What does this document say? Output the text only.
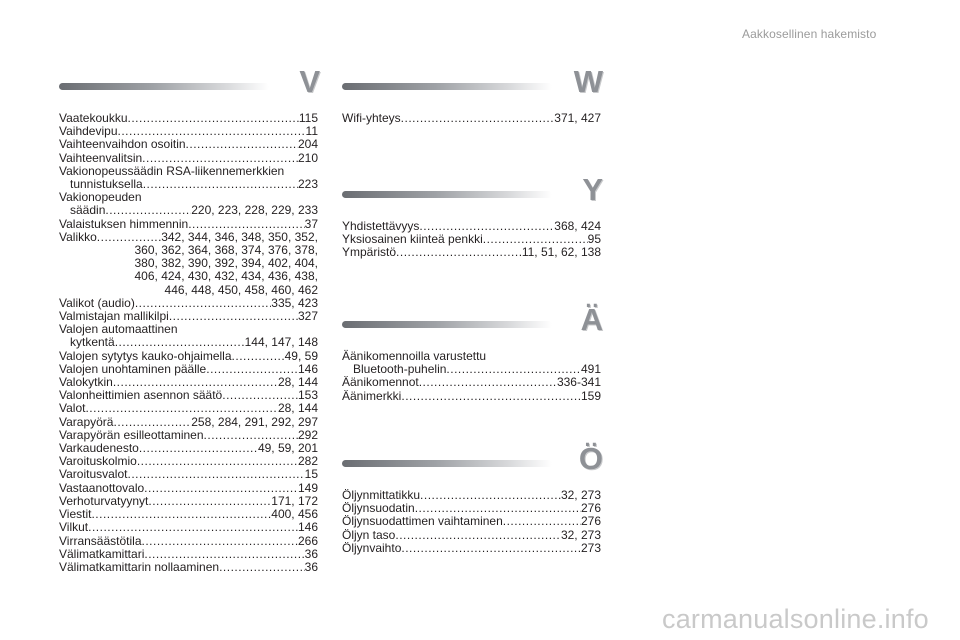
Aakkosellinen hakemisto
V
Vaatekoukku .....	115
Vaihdevipu .....	11
Vaihteenvaihdon osoitin .....	204
Vaihteenvalitsin .....	210
Vakionopeussäädin RSA-liikennemerkkien
tunnistuksella .....	223
Vakionopeuden
säädin .....	220, 223, 228, 229, 233
Valaistuksen himmennin .....	37
Valikko .....	342, 344, 346, 348, 350, 352,
360, 362, 364, 368, 374, 376, 378,
380, 382, 390, 392, 394, 402, 404,
406, 424, 430, 432, 434, 436, 438,
446, 448, 450, 458, 460, 462
Valikot (audio) .....	335, 423
Valmistajan mallikilpi .....	327
Valojen automaattinen
kytkentä .....	144, 147, 148
Valojen sytytys kauko-ohjaimella .....	49, 59
Valojen unohtaminen päälle .....	146
Valokytkin .....	28, 144
Valonheittimien asennon säätö .....	153
Valot .....	28, 144
Varapyörä .....	258, 284, 291, 292, 297
Varapyörän esilleottaminen .....	292
Varkaudenesto .....	49, 59, 201
Varoituskolmio .....	282
Varoitusvalot .....	15
Vastaanottovalo .....	149
Verhoturvatyynyt .....	171, 172
Viestit .....	400, 456
Vilkut .....	146
Virransäästötila .....	266
Välimatkamittari .....	36
Välimatkamittarin nollaaminen .....	36
W
Wifi-yhteys .....	371, 427
Y
Yhdistettävyys .....	368, 424
Yksiosainen kiinteä penkki .....	95
Ympäristö .....	11, 51, 62, 138
Ä
Äänikomennoilla varustettu
Bluetooth-puhelin .....	491
Äänikomennot .....	336-341
Äänimerkki .....	159
Ö
Öljynmittatikku .....	32, 273
Öljynsuodatin .....	276
Öljynsuodattimen vaihtaminen .....	276
Öljyn taso .....	32, 273
Öljynvaihto .....	273
carmanualsonline.info
